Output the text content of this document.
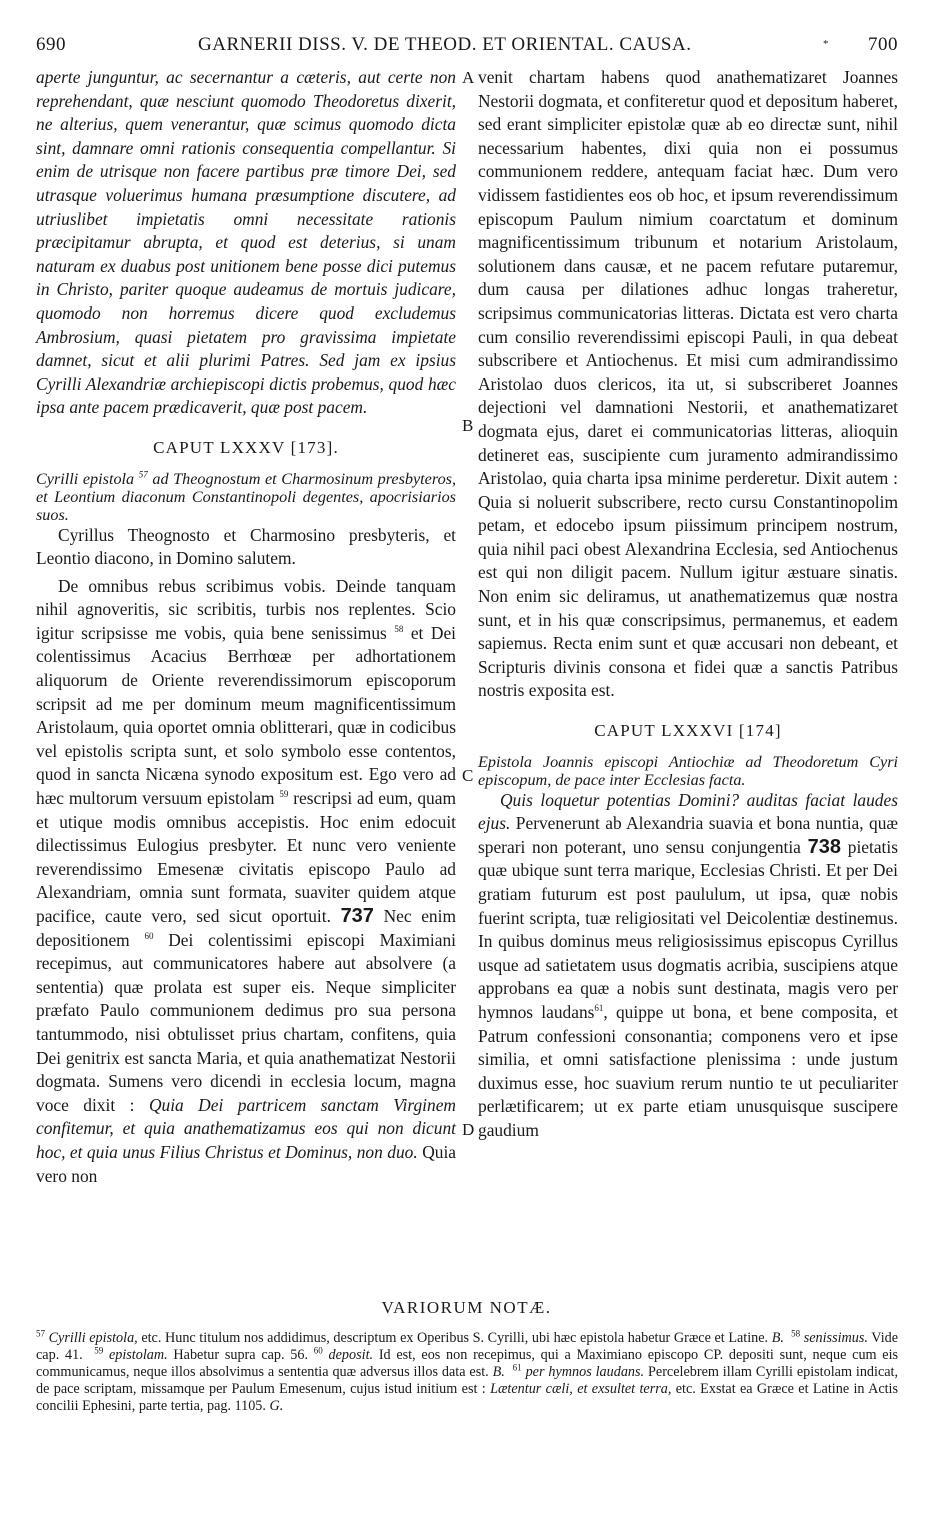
690	GARNERII DISS. V. DE THEOD. ET ORIENTAL. CAUSA.	* 700
A
B
C
D

aperte junguntur, ac secernantur a cæteris, aut certe non reprehendant, quæ nesciunt quomodo Theodoretus dixerit, ne alterius, quem venerantur, quæ scimus quomodo dicta sint, damnare omni rationis consequentia compellantur. Si enim de utrisque non facere partibus præ timore Dei, sed utrasque voluerimus humana præsumptione discutere, ad utriuslibet impietatis omni necessitate rationis præcipitamur abrupta, et quod est deterius, si unam naturam ex duabus post unitionem bene posse dici putemus in Christo, pariter quoque audeamus de mortuis judicare, quomodo non horremus dicere quod excludemus Ambrosium, quasi pietatem pro gravissima impietate damnet, sicut et alii plurimi Patres. Sed jam ex ipsius Cyrilli Alexandriæ archiepiscopi dictis probemus, quod hæc ipsa ante pacem prædicaverit, quæ post pacem.

CAPUT LXXXV [173].

Cyrilli epistola $^{57}$ ad Theognostum et Charmosinum presbyteros, et Leontium diaconum Constantinopoli degentes, apocrisiarios suos.

Cyrillus Theognosto et Charmosino presbyteris, et Leontio diacono, in Domino salutem.

De omnibus rebus scribimus vobis. Deinde tanquam nihil agnoveritis, sic scribitis, turbis nos replentes. Scio igitur scripsisse me vobis, quia bene senissimus $^{58}$ et Dei colentissimus Acacius Berrhœæ per adhortationem aliquorum de Oriente reverendissimorum episcoporum scripsit ad me per dominum meum magnificentissimum Aristolaum, quia oportet omnia oblitterari, quæ in codicibus vel epistolis scripta sunt, et solo symbolo esse contentos, quod in sancta Nicæna synodo expositum est. Ego vero ad hæc multorum versuum epistolam $^{59}$ rescripsi ad eum, quam et utique modis omnibus accepistis. Hoc enim edocuit dilectissimus Eulogius presbyter. Et nunc vero veniente reverendissimo Emesenæ civitatis episcopo Paulo ad Alexandriam, omnia sunt formata, suaviter quidem atque pacifice, caute vero, sed sicut oportuit. 737 Nec enim depositionem $^{60}$ Dei colentissimi episcopi Maximiani recepimus, aut communicatores habere aut absolvere (a sententia) quæ prolata est super eis. Neque simpliciter præfato Paulo communionem dedimus pro sua persona tantummodo, nisi obtulisset prius chartam, confitens, quia Dei genitrix est sancta Maria, et quia anathematizat Nestorii dogmata. Sumens vero dicendi in ecclesia locum, magna voce dixit : Quia Dei partricem sanctam Virginem confitemur, et quia anathematizamus eos qui non dicunt hoc, et quia unus Filius Christus et Dominus, non duo. Quia vero non

venit chartam habens quod anathematizaret Joannes Nestorii dogmata, et confiteretur quod et depositum haberet, sed erant simpliciter epistolæ quæ ab eo directæ sunt, nihil necessarium habentes, dixi quia non ei possumus communionem reddere, antequam faciat hæc. Dum vero vidissem fastidientes eos ob hoc, et ipsum reverendissimum episcopum Paulum nimium coarctatum et dominum magnificentissimum tribunum et notarium Aristolaum, solutionem dans causæ, et ne pacem refutare putaremur, dum causa per dilationes adhuc longas traheretur, scripsimus communicatorias litteras. Dictata est vero charta cum consilio reverendissimi episcopi Pauli, in qua debeat subscribere et Antiochenus. Et misi cum admirandissimo Aristolao duos clericos, ita ut, si subscriberet Joannes dejectioni vel damnationi Nestorii, et anathematizaret dogmata ejus, daret ei communicatorias litteras, alioquin detineret eas, suscipiente cum juramento admirandissimo Aristolao, quia charta ipsa minime perderetur. Dixit autem : Quia si noluerit subscribere, recto cursu Constantinopolim petam, et edocebo ipsum piissimum principem nostrum, quia nihil paci obest Alexandrina Ecclesia, sed Antiochenus est qui non diligit pacem. Nullum igitur æstuare sinatis. Non enim sic deliramus, ut anathematizemus quæ nostra sunt, et in his quæ conscripsimus, permanemus, et eadem sapiemus. Recta enim sunt et quæ accusari non debeant, et Scripturis divinis consona et fidei quæ a sanctis Patribus nostris exposita est.

CAPUT LXXXVI [174]

Epistola Joannis episcopi Antiochiæ ad Theodoretum Cyri episcopum, de pace inter Ecclesias facta.

Quis loquetur potentias Domini? auditas faciat laudes ejus. Pervenerunt ab Alexandria suavia et bona nuntia, quæ sperari non poterant, uno sensu conjungentia 738 pietatis quæ ubique sunt terra marique, Ecclesias Christi. Et per Dei gratiam futurum est post paululum, ut ipsa, quæ nobis fuerint scripta, tuæ religiositati vel Deicolentiæ destinemus. In quibus dominus meus religiosissimus episcopus Cyrillus usque ad satietatem usus dogmatis acribia, suscipiens atque approbans ea quæ a nobis sunt destinata, magis vero per hymnos laudans$^{61}$, quippe ut bona, et bene composita, et Patrum confessioni consonantia; componens vero et ipse similia, et omni satisfactione plenissima : unde justum duximus esse, hoc suavium rerum nuntio te ut peculiariter perlætificarem; ut ex parte etiam unusquisque suscipere gaudium

VARIORUM NOTÆ.
$^{57}$ Cyrilli epistola, etc. Hunc titulum nos addidimus, descriptum ex Operibus S. Cyrilli, ubi hæc epistola habetur Græce et Latine. B. $^{58}$ senissimus. Vide cap. 41. $^{59}$ epistolam. Habetur supra cap. 56. $^{60}$ deposit. Id est, eos non recepimus, qui a Maximiano episcopo CP. depositi sunt, neque cum eis communicamus, neque illos absolvimus a sententia quæ adversus illos data est. B. $^{61}$ per hymnos laudans. Percelebrem illam Cyrilli epistolam indicat, de pace scriptam, missamque per Paulum Emesenum, cujus istud initium est : Lætentur cæli, et exsultet terra, etc. Exstat ea Græce et Latine in Actis concilii Ephesini, parte tertia, pag. 1105. G.
